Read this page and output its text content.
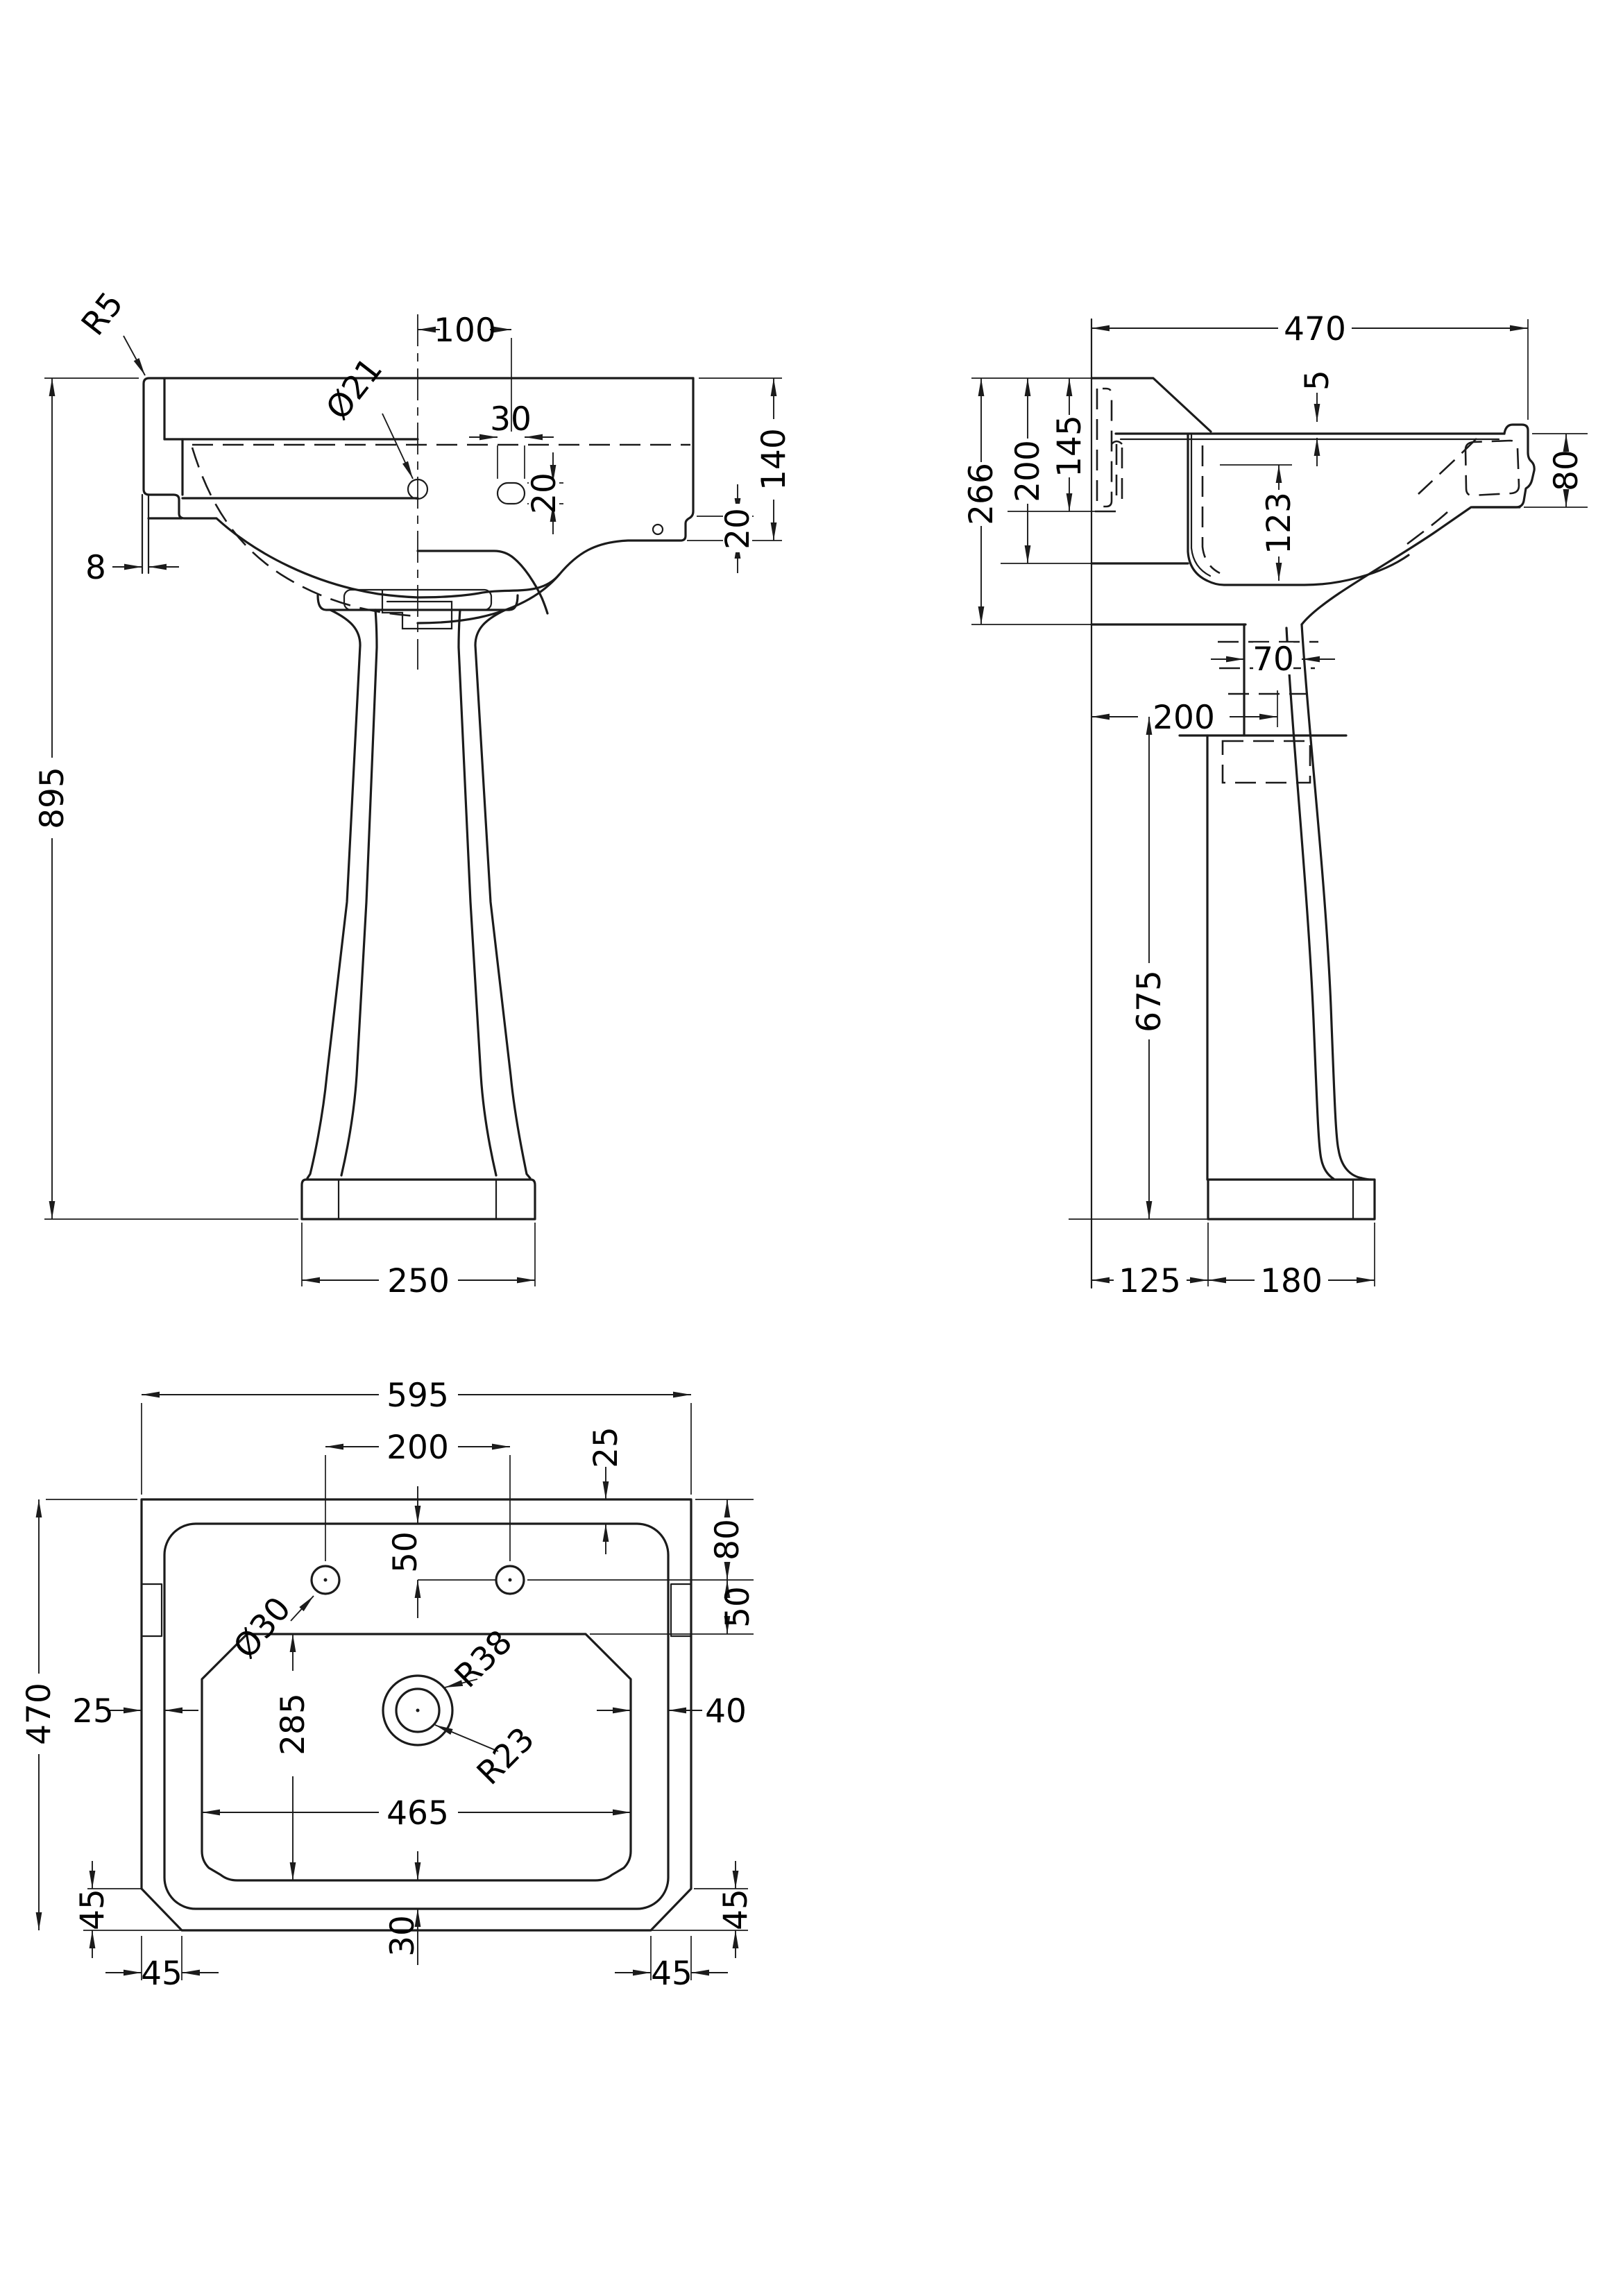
895
250
100
30
20
140
20
8
R5
Ø21
470
5
145
200
266	123
80
70
200
675
125 180
595
470
200	25
80
50
50
285
465
25	40
Ø30	R38
R23
45
45
30
45
45
